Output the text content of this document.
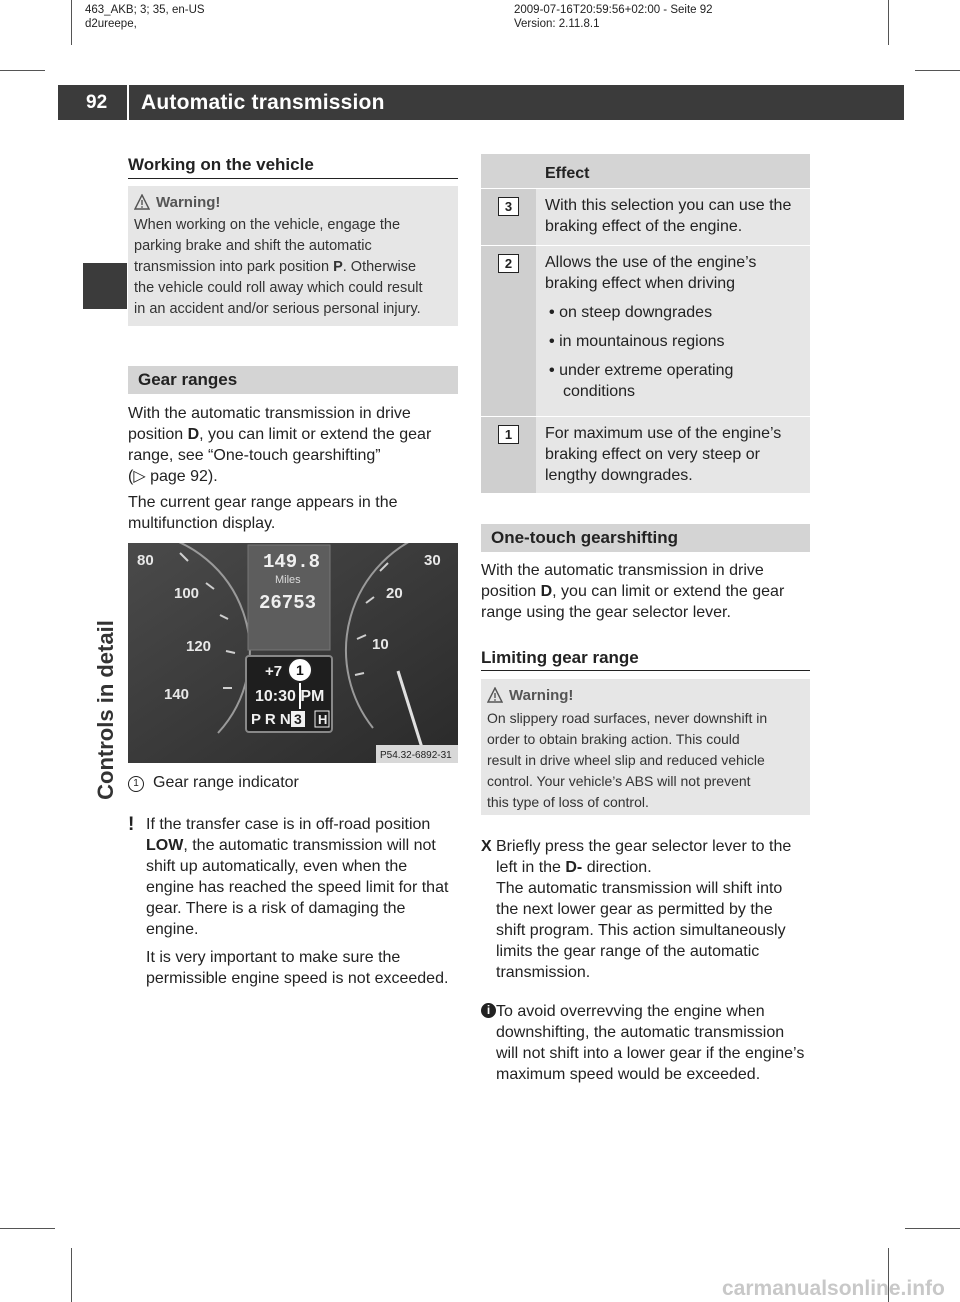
463_AKB; 3; 35, en-US
d2ureepe,
2009-07-16T20:59:56+02:00 - Seite 92
Version: 2.11.8.1
92 Automatic transmission
Controls in detail
Working on the vehicle
Warning!
When working on the vehicle, engage the
parking brake and shift the automatic
transmission into park position P. Otherwise
the vehicle could roll away which could result
in an accident and/or serious personal injury.
Gear ranges
With the automatic transmission in drive
position D, you can limit or extend the gear
range, see “One-touch gearshifting”
(▷ page 92).
The current gear range appears in the
multifunction display.
80
100
120
140
30
20
10
149.8
Miles
26753
+7
10:30 PM
P R N 3 H
1
P54.32-6892-31
1 Gear range indicator
! If the transfer case is in off-road position
LOW, the automatic transmission will not
shift up automatically, even when the
engine has reached the speed limit for that
gear. There is a risk of damaging the
engine.
It is very important to make sure the
permissible engine speed is not exceeded.
Effect
3	With this selection you can use the
braking effect of the engine.
2	Allows the use of the engine’s
braking effect when driving
• on steep downgrades
• in mountainous regions
• under extreme operating conditions
1	For maximum use of the engine’s
braking effect on very steep or
lengthy downgrades.
One-touch gearshifting
With the automatic transmission in drive
position D, you can limit or extend the gear
range using the gear selector lever.
Limiting gear range
Warning!
On slippery road surfaces, never downshift in
order to obtain braking action. This could
result in drive wheel slip and reduced vehicle
control. Your vehicle’s ABS will not prevent
this type of loss of control.
X Briefly press the gear selector lever to the
left in the D- direction.
The automatic transmission will shift into
the next lower gear as permitted by the
shift program. This action simultaneously
limits the gear range of the automatic
transmission.
i To avoid overrevving the engine when
downshifting, the automatic transmission
will not shift into a lower gear if the engine’s
maximum speed would be exceeded.
carmanualsonline.info
